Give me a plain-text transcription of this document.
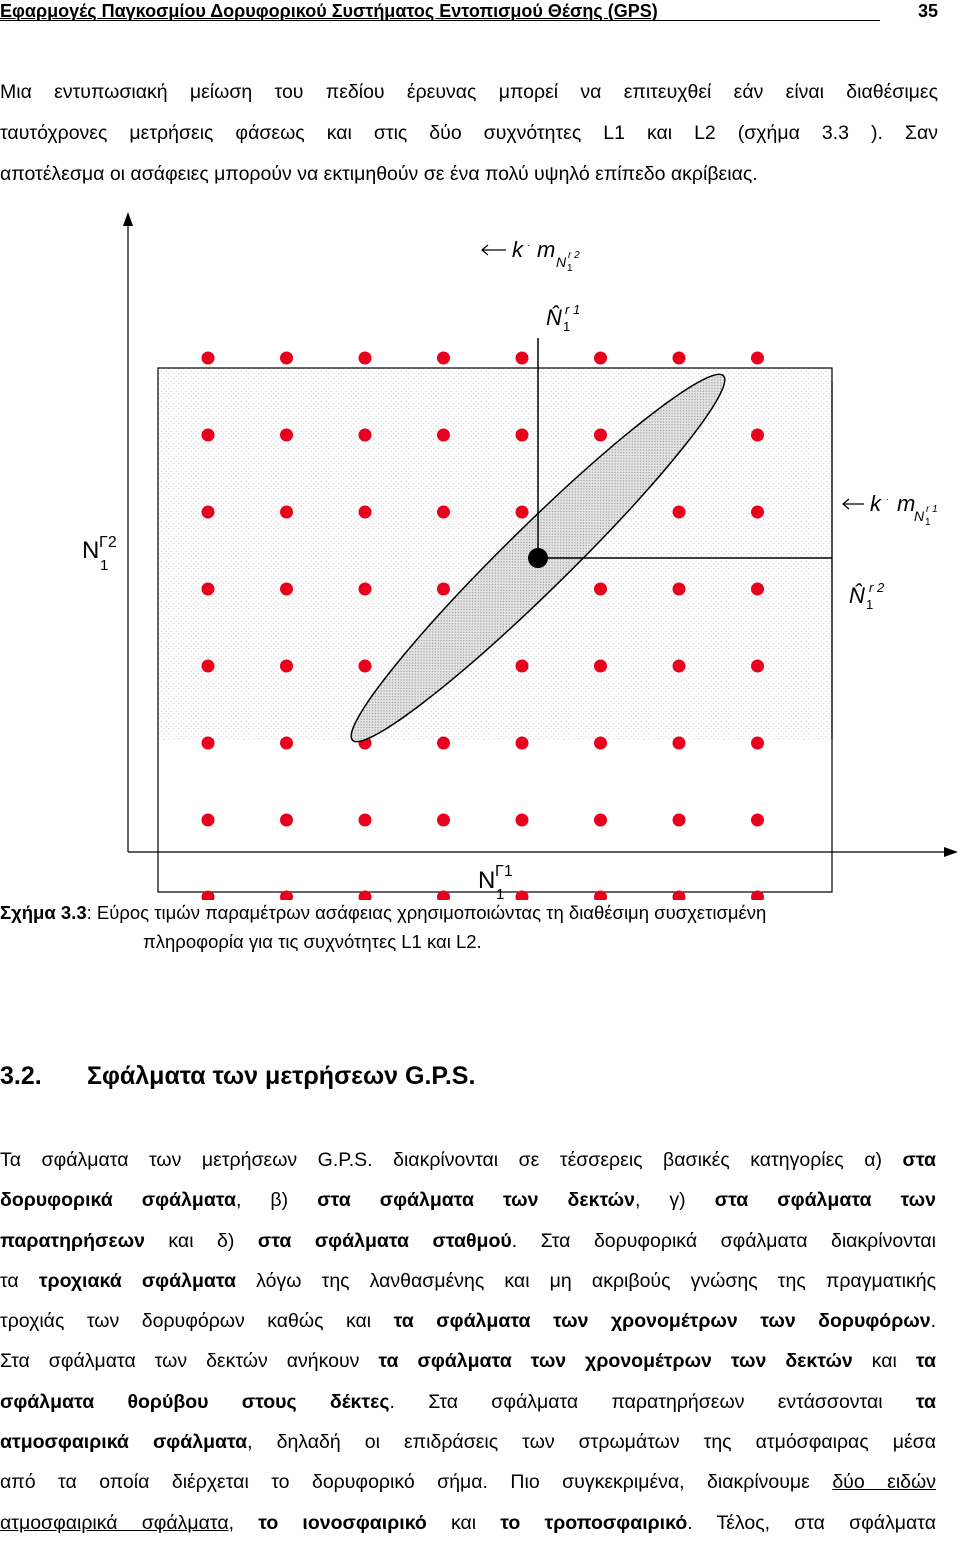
Εφαρμογές Παγκοσμίου Δορυφορικού Συστήματος Εντοπισμού Θέσης (GPS)	35

Μια εντυπωσιακή μείωση του πεδίου έρευνας μπορεί να επιτευχθεί εάν είναι διαθέσιμες

ταυτόχρονες μετρήσεις φάσεως και στις δύο συχνότητες L1 και L2 (σχήμα 3.3 ). Σαν

αποτέλεσμα οι ασάφειες μπορούν να εκτιμηθούν σε ένα πολύ υψηλό επίπεδο ακρίβειας.

k · m N r 2
1
N̂ r 1
1
k · m
N r 1
1
N̂ r 2
1
N Γ2
1
N Γ1
1
Σχήμα 3.3: Εύρος τιμών παραμέτρων ασάφειας χρησιμοποιώντας τη διαθέσιμη συσχετισμένη
πληροφορία για τις συχνότητες L1 και L2.
3.2. Σφάλματα των μετρήσεων G.P.S.
Τα σφάλματα των μετρήσεων G.P.S. διακρίνονται σε τέσσερεις βασικές κατηγορίες α) στα
δορυφορικά σφάλματα, β) στα σφάλματα των δεκτών, γ) στα σφάλματα των
παρατηρήσεων και δ) στα σφάλματα σταθμού. Στα δορυφορικά σφάλματα διακρίνονται
τα τροχιακά σφάλματα λόγω της λανθασμένης και μη ακριβούς γνώσης της πραγματικής
τροχιάς των δορυφόρων καθώς και τα σφάλματα των χρονομέτρων των δορυφόρων.
Στα σφάλματα των δεκτών ανήκουν τα σφάλματα των χρονομέτρων των δεκτών και τα
σφάλματα θορύβου στους δέκτες. Στα σφάλματα παρατηρήσεων εντάσσονται τα
ατμοσφαιρικά σφάλματα, δηλαδή οι επιδράσεις των στρωμάτων της ατμόσφαιρας μέσα
από τα οποία διέρχεται το δορυφορικό σήμα. Πιο συγκεκριμένα, διακρίνουμε δύο ειδών
ατμοσφαιρικά σφάλματα, το ιονοσφαιρικό και το τροποσφαιρικό. Τέλος, στα σφάλματα
